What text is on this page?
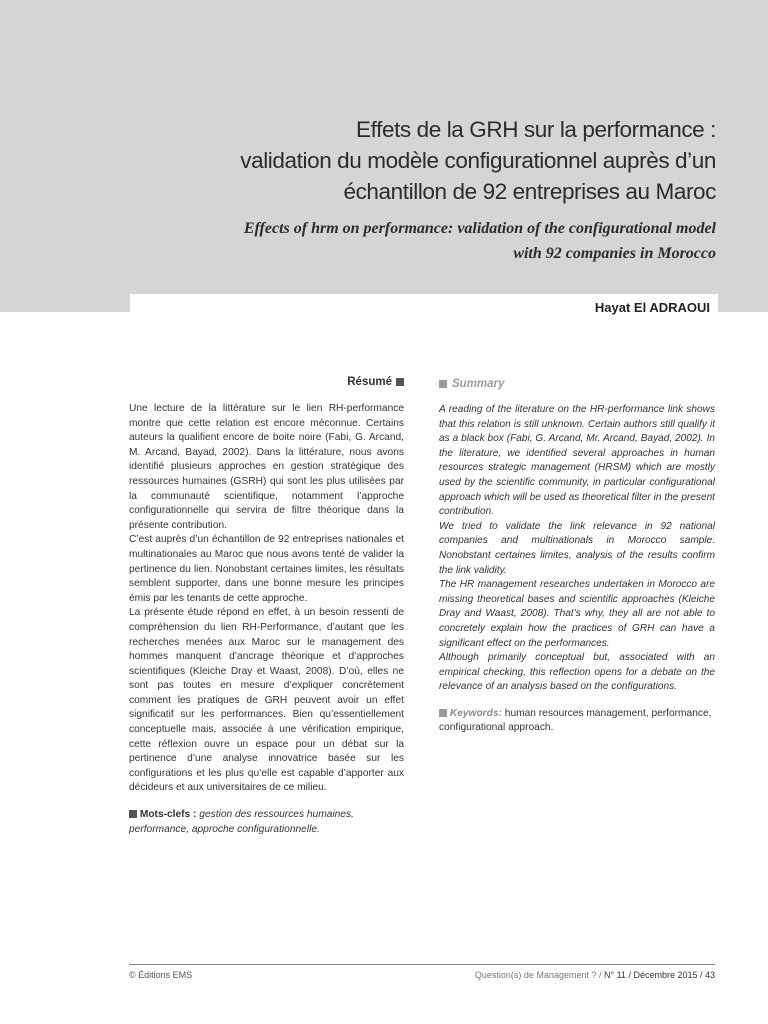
Effets de la GRH sur la performance :
validation du modèle configurationnel auprès d’un
échantillon de 92 entreprises au Maroc
Effects of hrm on performance: validation of the configurational model
with 92 companies in Morocco
Hayat El ADRAOUI
Résumé

Une lecture de la littérature sur le lien RH-performance montre que cette relation est encore méconnue. Certains auteurs la qualifient encore de boite noire (Fabi, G. Arcand, M. Arcand, Bayad, 2002). Dans la littérature, nous avons identifié plusieurs approches en gestion stratégique des ressources humaines (GSRH) qui sont les plus utilisées par la communauté scientifique, notamment l’approche configurationnelle qui servira de filtre théorique dans la présente contribution.

C’est auprès d’un échantillon de 92 entreprises nationales et multinationales au Maroc que nous avons tenté de valider la pertinence du lien. Nonobstant certaines limites, les résultats semblent supporter, dans une bonne mesure les principes émis par les tenants de cette approche.

La présente étude répond en effet, à un besoin ressenti de compréhension du lien RH-Performance, d’autant que les recherches menées aux Maroc sur le management des hommes manquent d’ancrage théorique et d’approches scientifiques (Kleiche Dray et Waast, 2008). D’où, elles ne sont pas toutes en mesure d’expliquer concrètement comment les pratiques de GRH peuvent avoir un effet significatif sur les performances. Bien qu’essentiellement conceptuelle mais, associée à une vérification empirique, cette réflexion ouvre un espace pour un débat sur la pertinence d’une analyse innovatrice basée sur les configurations et les plus qu’elle est capable d’apporter aux décideurs et aux universitaires de ce milieu.

Mots-clefs : gestion des ressources humaines, performance, approche configurationnelle.
Summary

A reading of the literature on the HR-performance link shows that this relation is still unknown. Certain authors still qualify it as a black box (Fabi, G. Arcand, Mr. Arcand, Bayad, 2002). In the literature, we identified several approaches in human resources strategic management (HRSM) which are mostly used by the scientific community, in particular configurational approach which will be used as theoretical filter in the present contribution.

We tried to validate the link relevance in 92 national companies and multinationals in Morocco sample. Nonobstant certaines limites, analysis of the results confirm the link validity.

The HR management researches undertaken in Morocco are missing theoretical bases and scientific approaches (Kleiche Dray and Waast, 2008). That’s why, they all are not able to concretely explain how the practices of GRH can have a significant effect on the performances.

Although primarily conceptual but, associated with an empirical checking, this reflection opens for a debate on the relevance of an analysis based on the configurations.

Keywords: human resources management, performance, configurational approach.
© Éditions EMS	Question(s) de Management ? / N° 11 / Décembre 2015 / 43
